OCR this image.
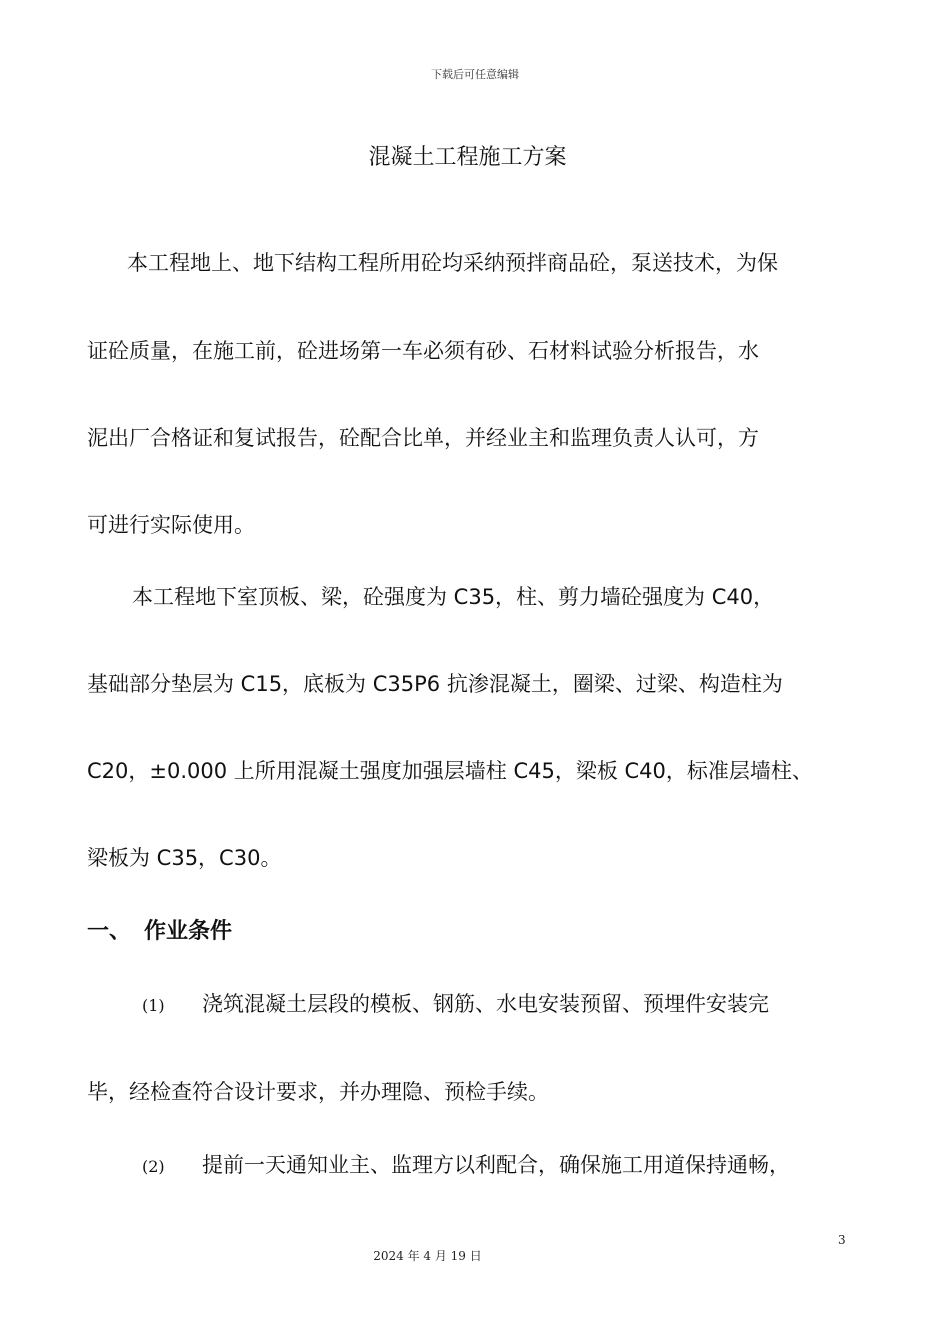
下载后可任意编辑
混凝土工程施工方案
本工程地上、地下结构工程所用砼均采纳预拌商品砼，泵送技术，为保
证砼质量，在施工前，砼进场第一车必须有砂、石材料试验分析报告，水
泥出厂合格证和复试报告，砼配合比单，并经业主和监理负责人认可，方
可进行实际使用。
本工程地下室顶板、梁，砼强度为 C35，柱、剪力墙砼强度为 C40，
基础部分垫层为 C15，底板为 C35P6 抗渗混凝土，圈梁、过梁、构造柱为
C20，±0.000 上所用混凝土强度加强层墙柱 C45，梁板 C40，标准层墙柱、
梁板为 C35，C30。
一、 作业条件
(1) 浇筑混凝土层段的模板、钢筋、水电安装预留、预埋件安装完
毕，经检查符合设计要求，并办理隐、预检手续。
(2) 提前一天通知业主、监理方以利配合，确保施工用道保持通畅，
3
2024 年 4 月 19 日
